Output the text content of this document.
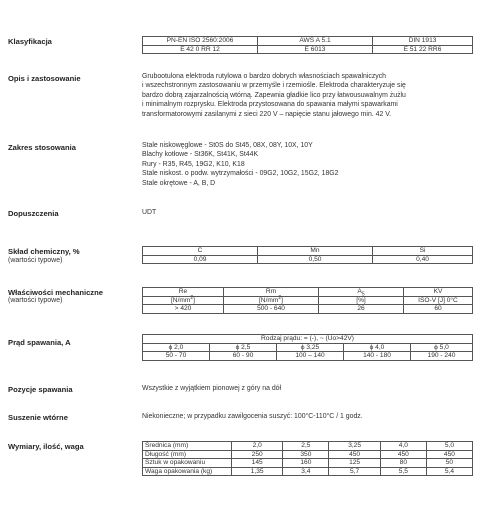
Klasyfikacja	PN-EN ISO 2560:2006	AWS A 5.1	DIN 1913
E 42 0 RR 12	E 6013	E 51 22 RR6
Opis i zastosowanie	Grubootulona elektroda rutylowa o bardzo dobrych własnościach spawalniczych
i wszechstronnym zastosowaniu w przemyśle i rzemiośle. Elektroda charakteryzuje się
bardzo dobrą zajarzalnością wtórną. Zapewnia gładkie lico przy łatwousuwalnym żużlu
i minimalnym rozprysku. Elektroda przystosowana do spawania małymi spawarkami
transformatorowymi zasilanymi z sieci 220 V – napięcie stanu jałowego min. 42 V.
Zakres stosowania	Stale niskowęglowe - St0S do St45, 08X, 08Y, 10X, 10Y
Blachy kotłowe - St36K, St41K, St44K
Rury - R35, R45, 19G2, K10, K18
Stale niskost. o podw. wytrzymałości - 09G2, 10G2, 15G2, 18G2
Stale okrętowe - A, B, D
Dopuszczenia	UDT
Skład chemiczny, %
(wartości typowe)
C	Mn	Si
0,09	0,50	0,40
Właściwości mechaniczne
(wartości typowe)
Re	Rm	$A_5$	KV
$[N/mm^2]$	$[N/mm^2]$	[%]	ISO-V [J] 0°C
> 420	500 - 640	26	60
Prąd spawania, A	Rodzaj prądu: = (-), ~ (Uo>42V)				
ϕ 2,0	ϕ 2,5	ϕ 3,25	ϕ 4,0	ϕ 5,0
50 - 70	60 - 90	100 – 140	140 - 180	190 - 240
Pozycje spawania	Wszystkie z wyjątkiem pionowej z góry na dół
Suszenie wtórne	Niekonieczne; w przypadku zawilgocenia suszyć: 100°C-110°C / 1 godz.
Wymiary, ilość, waga	Średnica (mm)	2,0	2,5	3,25	4,0	5,0
Długość (mm)	250	350	450	450	450
Sztuk w opakowaniu	145	160	125	80	50
Waga opakowania (kg)	1,35	3,4	5,7	5,5	5,4
